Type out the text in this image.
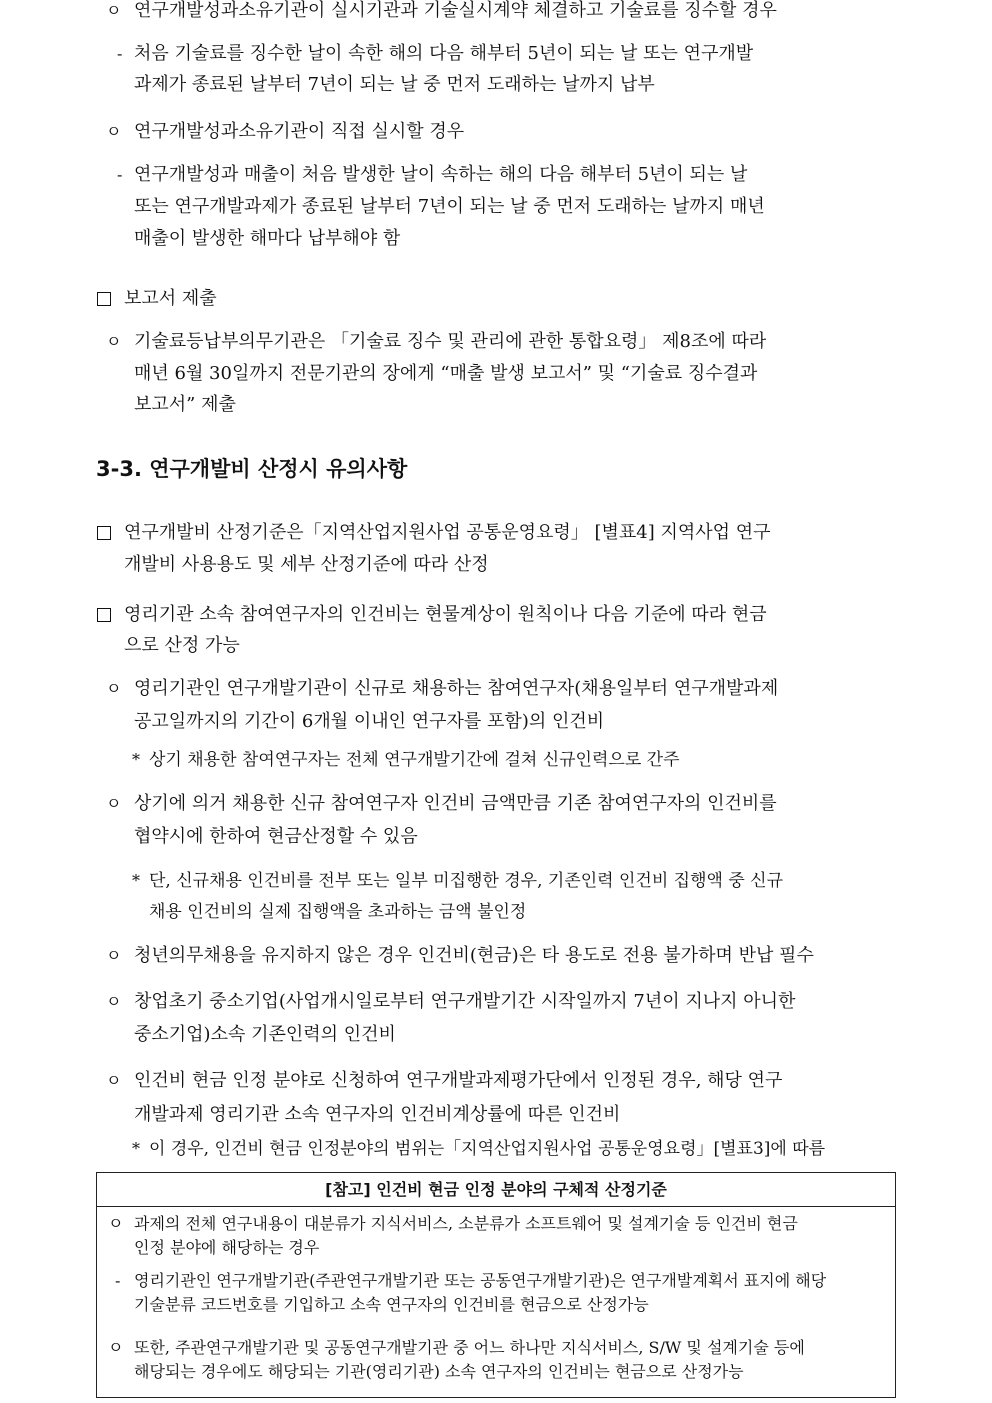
ㅇ 연구개발성과소유기관이 실시기관과 기술실시계약 체결하고 기술료를 징수할 경우
- 처음 기술료를 징수한 날이 속한 해의 다음 해부터 5년이 되는 날 또는 연구개발
과제가 종료된 날부터 7년이 되는 날 중 먼저 도래하는 날까지 납부
ㅇ 연구개발성과소유기관이 직접 실시할 경우
- 연구개발성과 매출이 처음 발생한 날이 속하는 해의 다음 해부터 5년이 되는 날
또는 연구개발과제가 종료된 날부터 7년이 되는 날 중 먼저 도래하는 날까지 매년
매출이 발생한 해마다 납부해야 함
보고서 제출
ㅇ 기술료등납부의무기관은 「기술료 징수 및 관리에 관한 통합요령」 제8조에 따라
매년 6월 30일까지 전문기관의 장에게 “매출 발생 보고서” 및 “기술료 징수결과
보고서” 제출
3-3. 연구개발비 산정시 유의사항
연구개발비 산정기준은「지역산업지원사업 공통운영요령」 [별표4] 지역사업 연구
개발비 사용용도 및 세부 산정기준에 따라 산정
영리기관 소속 참여연구자의 인건비는 현물계상이 원칙이나 다음 기준에 따라 현금
으로 산정 가능
ㅇ 영리기관인 연구개발기관이 신규로 채용하는 참여연구자(채용일부터 연구개발과제
공고일까지의 기간이 6개월 이내인 연구자를 포함)의 인건비
* 상기 채용한 참여연구자는 전체 연구개발기간에 걸쳐 신규인력으로 간주
ㅇ 상기에 의거 채용한 신규 참여연구자 인건비 금액만큼 기존 참여연구자의 인건비를
협약시에 한하여 현금산정할 수 있음
* 단, 신규채용 인건비를 전부 또는 일부 미집행한 경우, 기존인력 인건비 집행액 중 신규
채용 인건비의 실제 집행액을 초과하는 금액 불인정
ㅇ 청년의무채용을 유지하지 않은 경우 인건비(현금)은 타 용도로 전용 불가하며 반납 필수
ㅇ 창업초기 중소기업(사업개시일로부터 연구개발기간 시작일까지 7년이 지나지 아니한
중소기업)소속 기존인력의 인건비
ㅇ 인건비 현금 인정 분야로 신청하여 연구개발과제평가단에서 인정된 경우, 해당 연구
개발과제 영리기관 소속 연구자의 인건비계상률에 따른 인건비
* 이 경우, 인건비 현금 인정분야의 범위는「지역산업지원사업 공통운영요령」[별표3]에 따름
[참고] 인건비 현금 인정 분야의 구체적 산정기준
ㅇ 과제의 전체 연구내용이 대분류가 지식서비스, 소분류가 소프트웨어 및 설계기술 등 인건비 현금
인정 분야에 해당하는 경우
- 영리기관인 연구개발기관(주관연구개발기관 또는 공동연구개발기관)은 연구개발계획서 표지에 해당
기술분류 코드번호를 기입하고 소속 연구자의 인건비를 현금으로 산정가능
ㅇ 또한, 주관연구개발기관 및 공동연구개발기관 중 어느 하나만 지식서비스, S/W 및 설계기술 등에
해당되는 경우에도 해당되는 기관(영리기관) 소속 연구자의 인건비는 현금으로 산정가능
